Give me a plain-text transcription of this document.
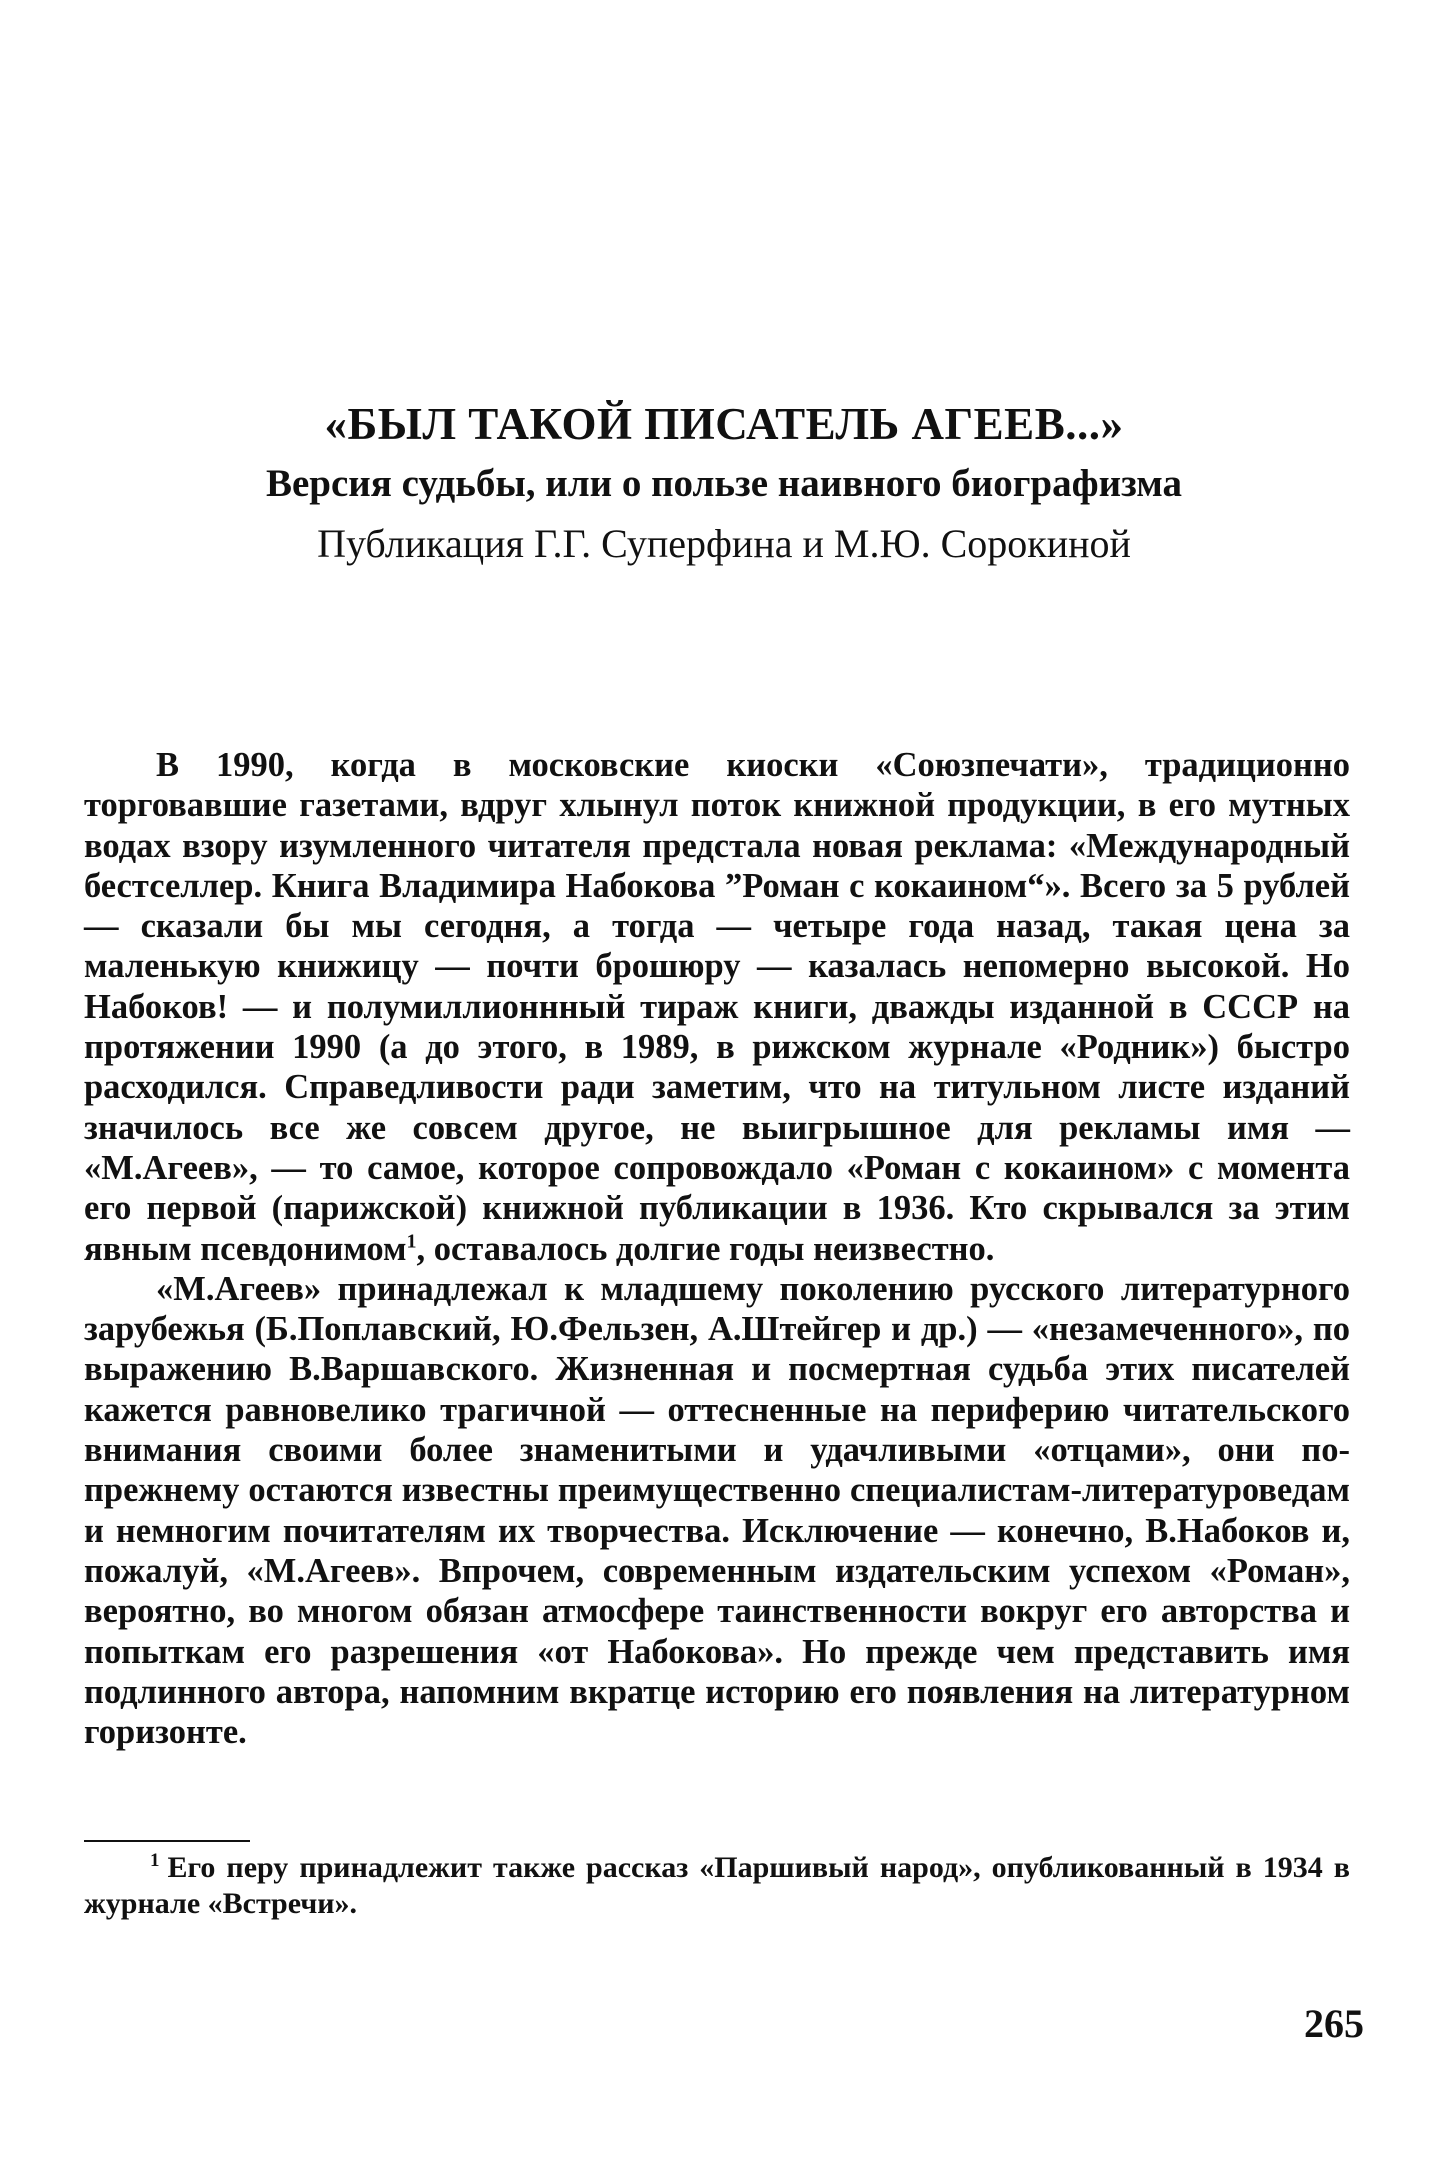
«БЫЛ ТАКОЙ ПИСАТЕЛЬ АГЕЕВ...»
Версия судьбы, или о пользе наивного биографизма
Публикация Г.Г. Суперфина и М.Ю. Сорокиной

В 1990, когда в московские киоски «Союзпечати», традиционно торговавшие газетами, вдруг хлынул поток книжной продукции, в его мутных водах взору изумленного читателя предстала новая реклама: «Международный бестселлер. Книга Владимира Набокова ”Роман с кокаином“». Всего за 5 рублей — сказали бы мы сегодня, а тогда — четыре года назад, такая цена за маленькую книжицу — почти брошюру — казалась непомерно высокой. Но Набоков! — и полумиллионнный тираж книги, дважды изданной в СССР на протяжении 1990 (а до этого, в 1989, в рижском журнале «Родник») быстро расходился. Справедливости ради заметим, что на титульном листе изданий значилось все же совсем другое, не выигрышное для рекламы имя — «М.Агеев», — то самое, которое сопровождало «Роман с кокаином» с момента его первой (парижской) книжной публикации в 1936. Кто скрывался за этим явным псевдонимом$^1$, оставалось долгие годы неизвестно.

«М.Агеев» принадлежал к младшему поколению русского литературного зарубежья (Б.Поплавский, Ю.Фельзен, А.Штейгер и др.) — «незамеченного», по выражению В.Варшавского. Жизненная и посмертная судьба этих писателей кажется равновелико трагичной — оттесненные на периферию читательского внимания своими более знаменитыми и удачливыми «отцами», они по-прежнему остаются известны преимущественно специалистам-литературоведам и немногим почитателям их творчества. Исключение — конечно, В.Набоков и, пожалуй, «М.Агеев». Впрочем, современным издательским успехом «Роман», вероятно, во многом обязан атмосфере таинственности вокруг его авторства и попыткам его разрешения «от Набокова». Но прежде чем представить имя подлинного автора, напомним вкратце историю его появления на литературном горизонте.

$^1$ Его перу принадлежит также рассказ «Паршивый народ», опубликованный в 1934 в журнале «Встречи».
265
